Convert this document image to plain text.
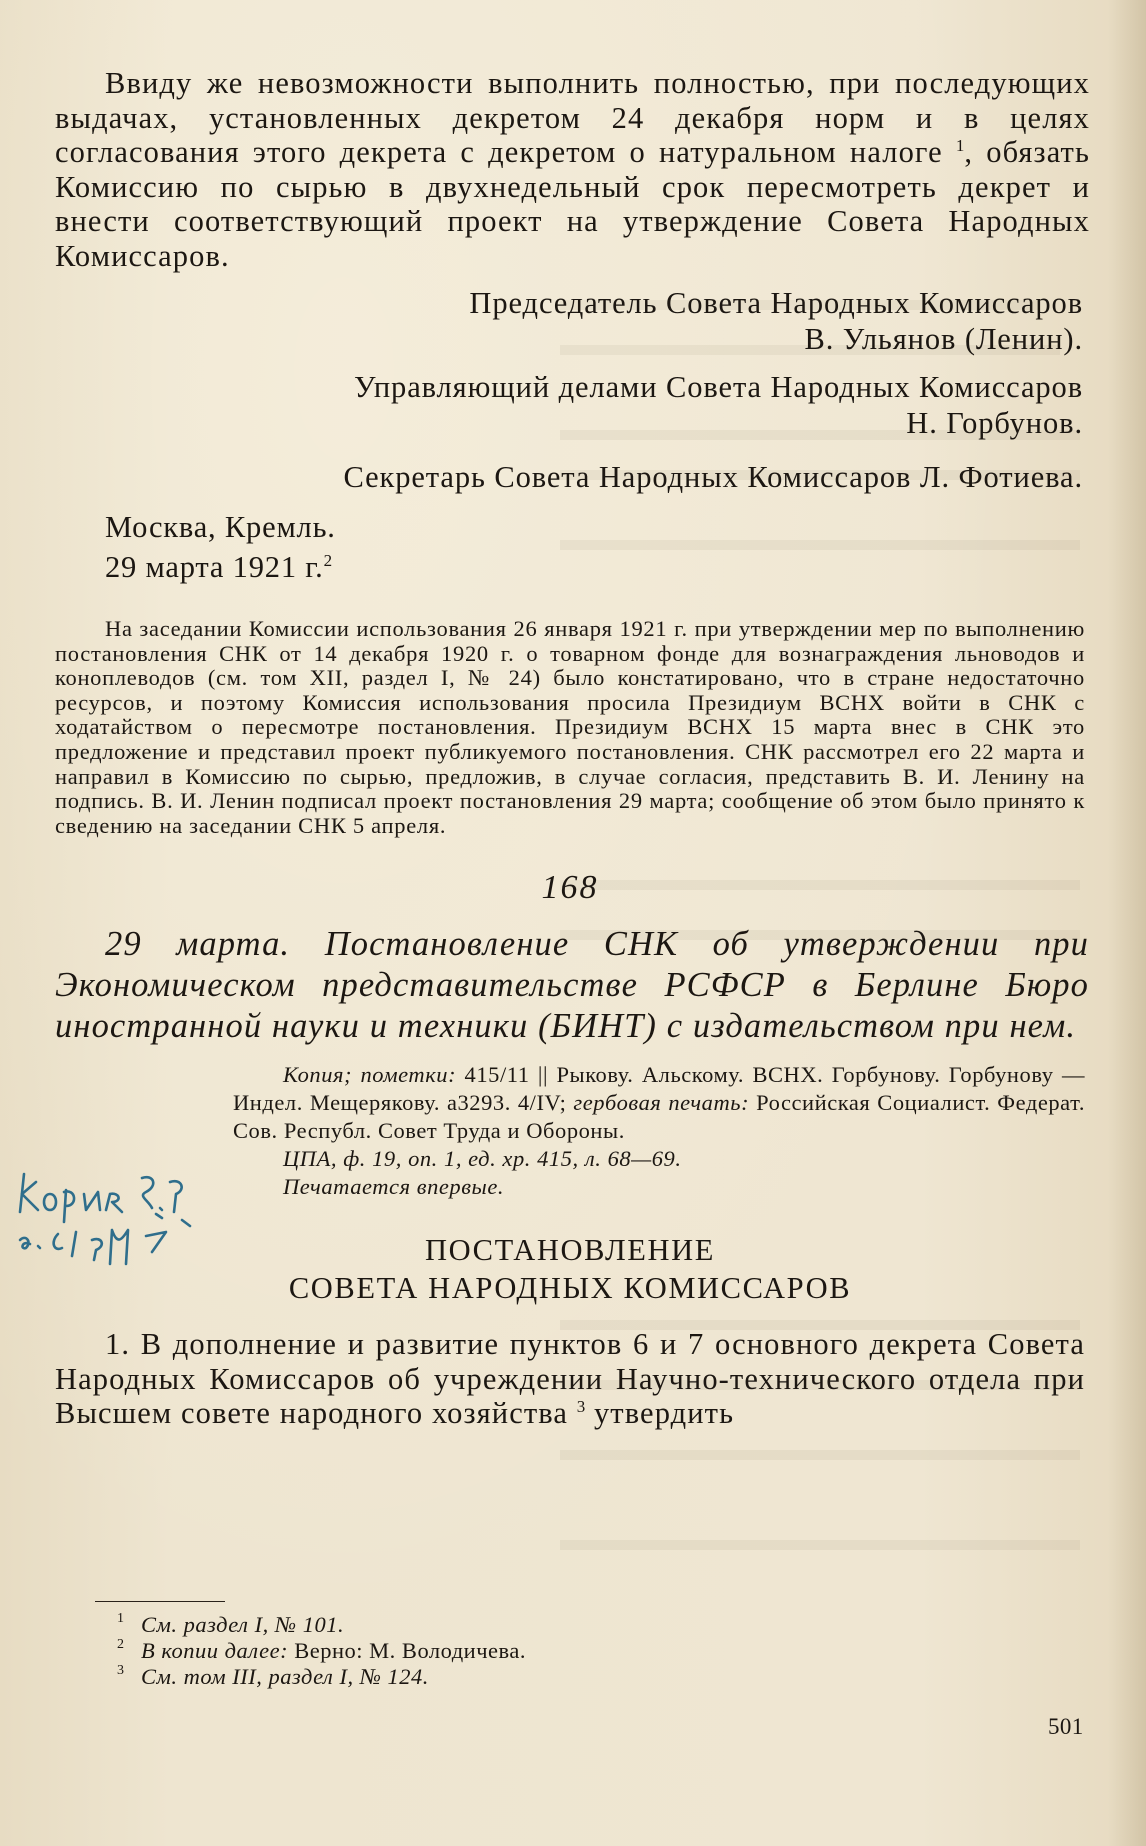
Ввиду же невозможности выполнить полностью, при последующих выдачах, установленных декретом 24 декабря норм и в целях согласования этого декрета с декретом о натуральном налоге $^1$, обязать Комиссию по сырью в двухнедельный срок пересмотреть декрет и внести соответствующий проект на утверждение Совета Народных Комиссаров.

Председатель Совета Народных Комиссаров
В. Ульянов (Ленин).
Управляющий делами Совета Народных Комиссаров
Н. Горбунов.
Секретарь Совета Народных Комиссаров Л. Фотиева.
Москва, Кремль.
29 марта 1921 г.$^2$

На заседании Комиссии использования 26 января 1921 г. при утверждении мер по выполнению постановления СНК от 14 декабря 1920 г. о товарном фонде для вознаграждения льноводов и коноплеводов (см. том XII, раздел I, № 24) было констатировано, что в стране недостаточно ресурсов, и поэтому Комиссия использования просила Президиум ВСНХ войти в СНК с ходатайством о пересмотре постановления. Президиум ВСНХ 15 марта внес в СНК это предложение и представил проект публикуемого постановления. СНК рассмотрел его 22 марта и направил в Комиссию по сырью, предложив, в случае согласия, представить В. И. Ленину на подпись. В. И. Ленин подписал проект постановления 29 марта; сообщение об этом было принято к сведению на заседании СНК 5 апреля.

168

29 марта. Постановление СНК об утверждении при Экономическом представительстве РСФСР в Берлине Бюро иностранной науки и техники (БИНТ) с издательством при нем.

Копия; пометки: 415/11 || Рыкову. Альскому. ВСНХ. Горбунову. Горбунову — Индел. Мещерякову. а3293. 4/IV; гербовая печать: Российская Социалист. Федерат. Сов. Республ. Совет Труда и Обороны.

ЦПА, ф. 19, оп. 1, ед. хр. 415, л. 68—69.
Печатается впервые.
ПОСТАНОВЛЕНИЕ
СОВЕТА НАРОДНЫХ КОМИССАРОВ

1. В дополнение и развитие пунктов 6 и 7 основного декрета Совета Народных Комиссаров об учреждении Научно-технического отдела при Высшем совете народного хозяйства $^3$ утвердить

Копия 9.8
1 См. раздел I, № 101.
2 В копии далее: Верно: М. Володичева.
3 См. том III, раздел I, № 124.
501
